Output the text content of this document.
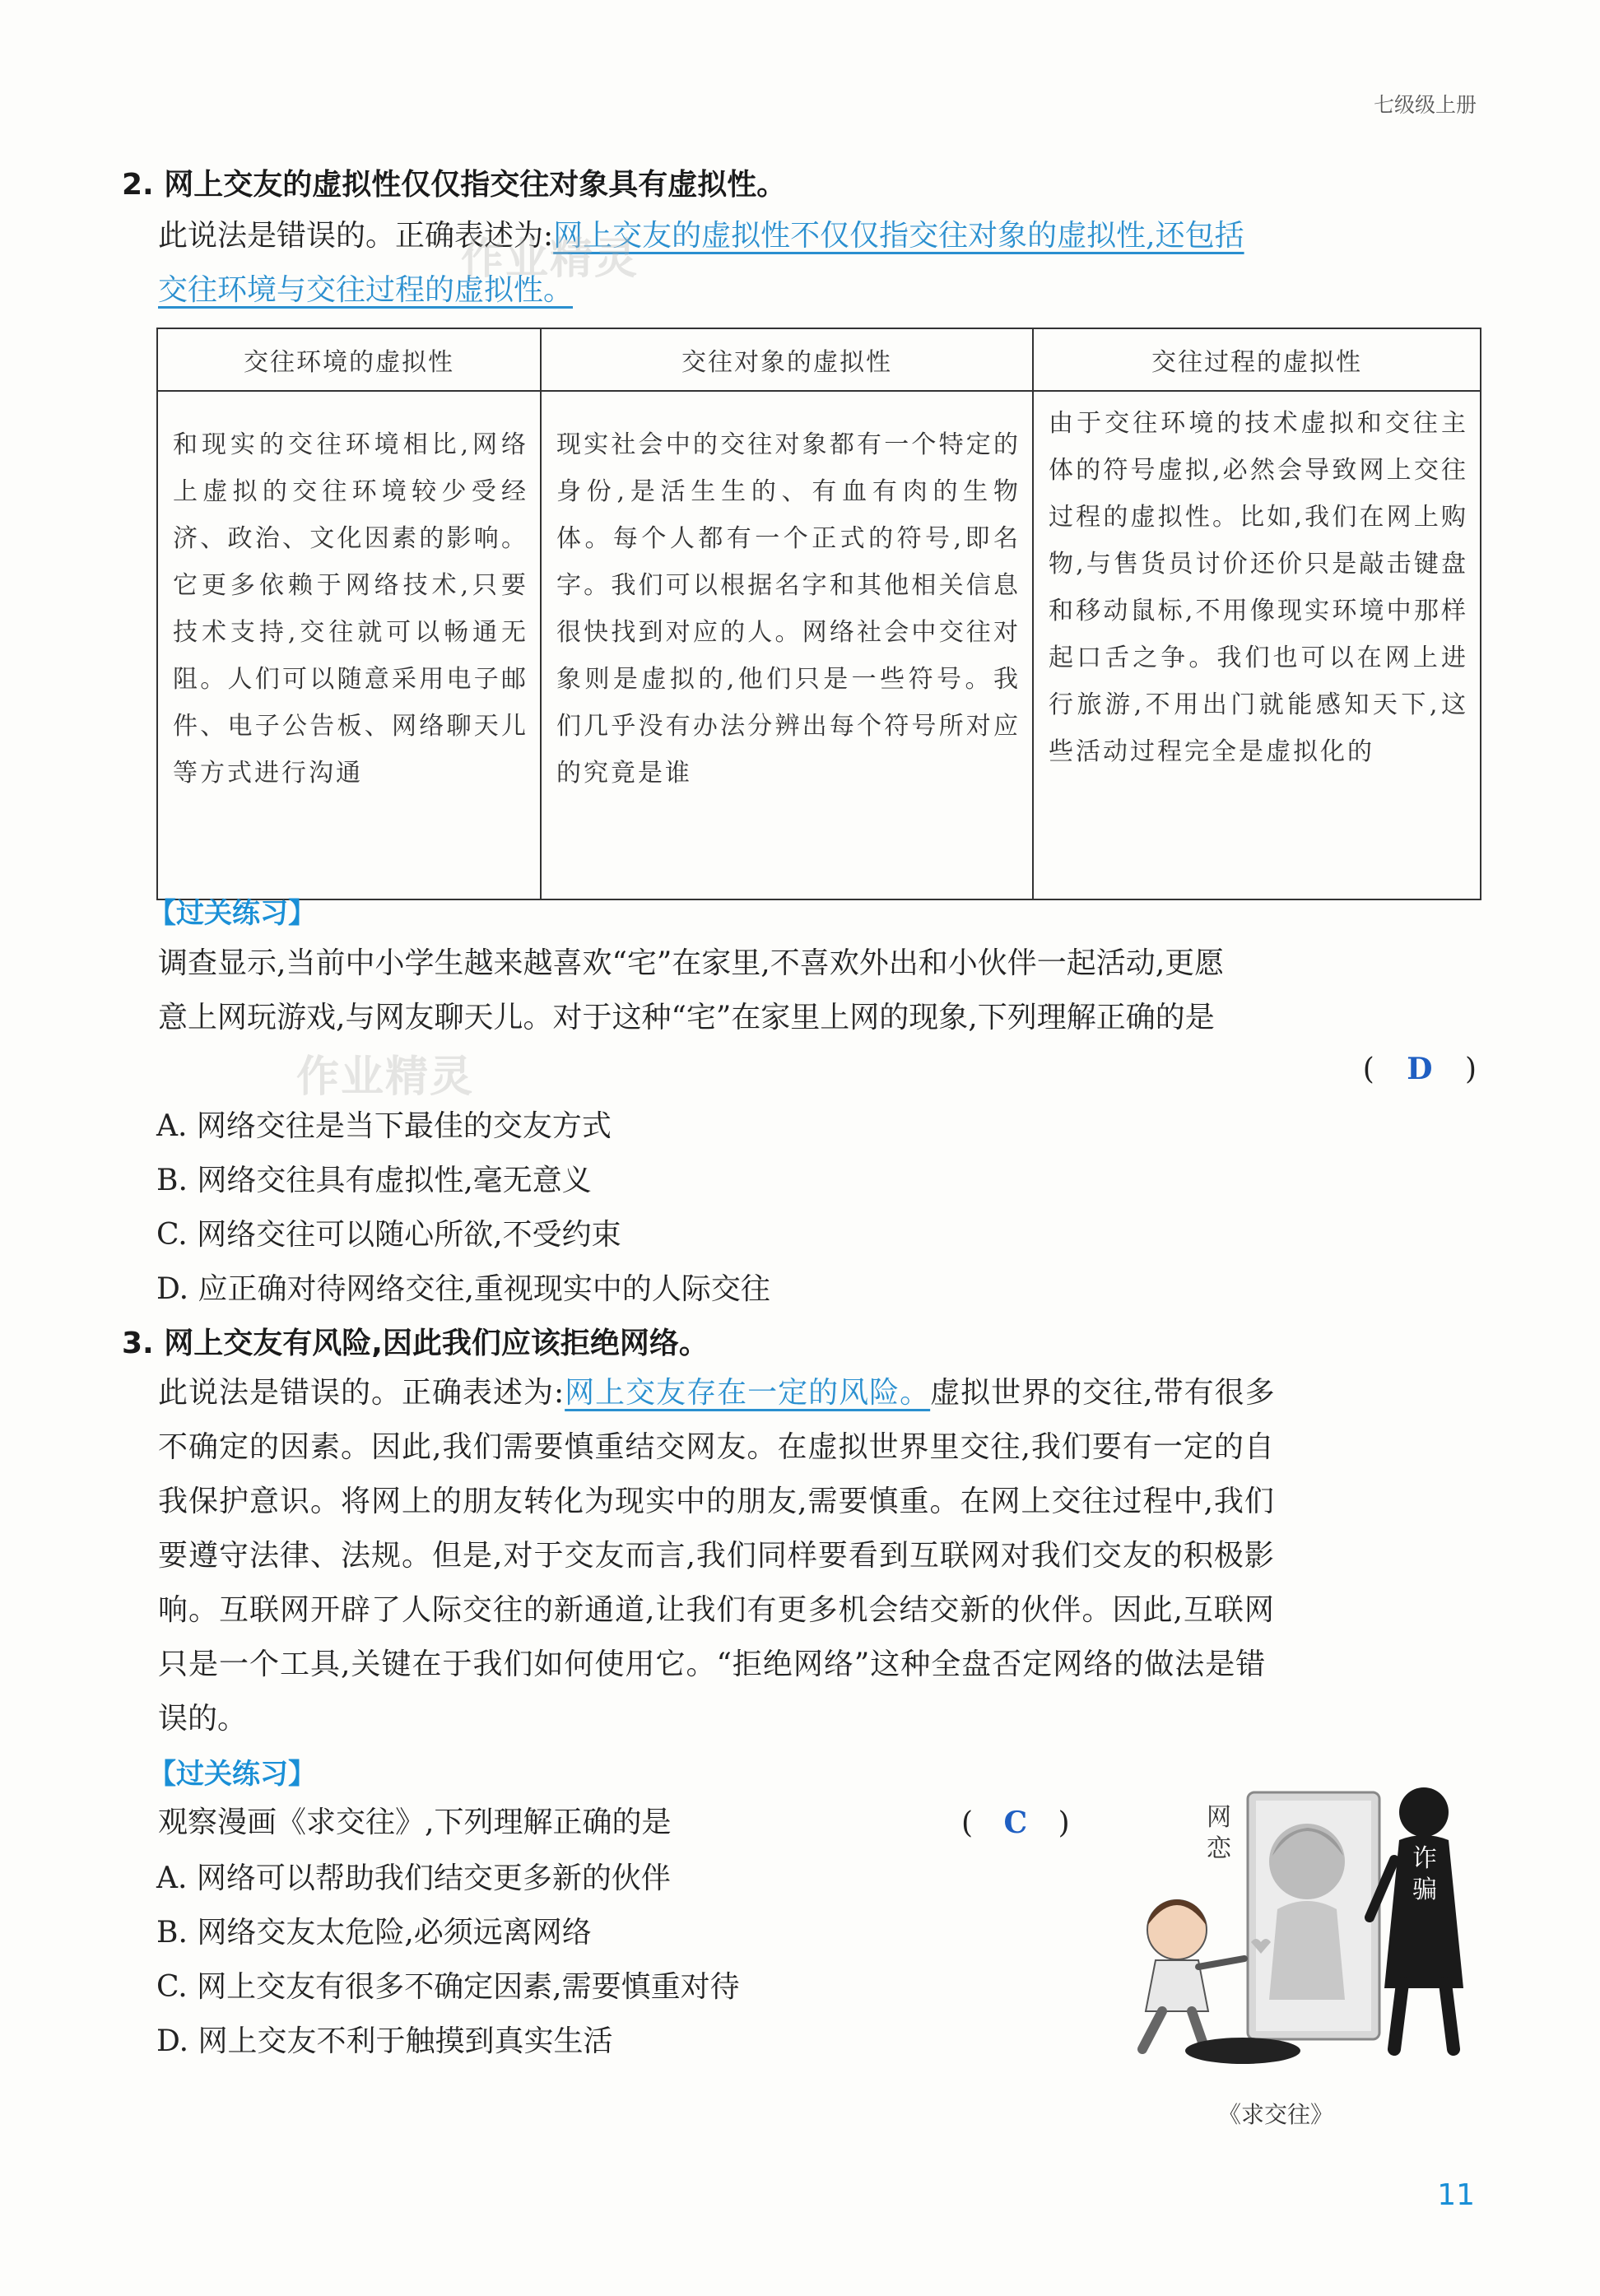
七级级上册
2. 网上交友的虚拟性仅仅指交往对象具有虚拟性。
此说法是错误的。正确表述为:网上交友的虚拟性不仅仅指交往对象的虚拟性,还包括
交往环境与交往过程的虚拟性。
作业精灵
交往环境的虚拟性	交往对象的虚拟性	交往过程的虚拟性
和现实的交往环境相比,网络上虚拟的交往环境较少受经济、政治、文化因素的影响。它更多依赖于网络技术,只要技术支持,交往就可以畅通无阻。人们可以随意采用电子邮件、电子公告板、网络聊天儿等方式进行沟通	现实社会中的交往对象都有一个特定的身份,是活生生的、有血有肉的生物体。每个人都有一个正式的符号,即名字。我们可以根据名字和其他相关信息很快找到对应的人。网络社会中交往对象则是虚拟的,他们只是一些符号。我们几乎没有办法分辨出每个符号所对应的究竟是谁	由于交往环境的技术虚拟和交往主体的符号虚拟,必然会导致网上交往过程的虚拟性。比如,我们在网上购物,与售货员讨价还价只是敲击键盘和移动鼠标,不用像现实环境中那样起口舌之争。我们也可以在网上进行旅游,不用出门就能感知天下,这些活动过程完全是虚拟化的
【过关练习】
调查显示,当前中小学生越来越喜欢“宅”在家里,不喜欢外出和小伙伴一起活动,更愿
意上网玩游戏,与网友聊天儿。对于这种“宅”在家里上网的现象,下列理解正确的是
作业精灵	( D )
A. 网络交往是当下最佳的交友方式
B. 网络交往具有虚拟性,毫无意义
C. 网络交往可以随心所欲,不受约束
D. 应正确对待网络交往,重视现实中的人际交往
3. 网上交友有风险,因此我们应该拒绝网络。
此说法是错误的。正确表述为:网上交友存在一定的风险。虚拟世界的交往,带有很多
不确定的因素。因此,我们需要慎重结交网友。在虚拟世界里交往,我们要有一定的自
我保护意识。将网上的朋友转化为现实中的朋友,需要慎重。在网上交往过程中,我们
要遵守法律、法规。但是,对于交友而言,我们同样要看到互联网对我们交友的积极影
响。互联网开辟了人际交往的新通道,让我们有更多机会结交新的伙伴。因此,互联网
只是一个工具,关键在于我们如何使用它。“拒绝网络”这种全盘否定网络的做法是错
误的。
【过关练习】
观察漫画《求交往》,下列理解正确的是	( C )
A. 网络可以帮助我们结交更多新的伙伴
B. 网络交友太危险,必须远离网络
C. 网上交友有很多不确定因素,需要慎重对待
D. 网上交友不利于触摸到真实生活
网恋	诈骗
《求交往》
11
